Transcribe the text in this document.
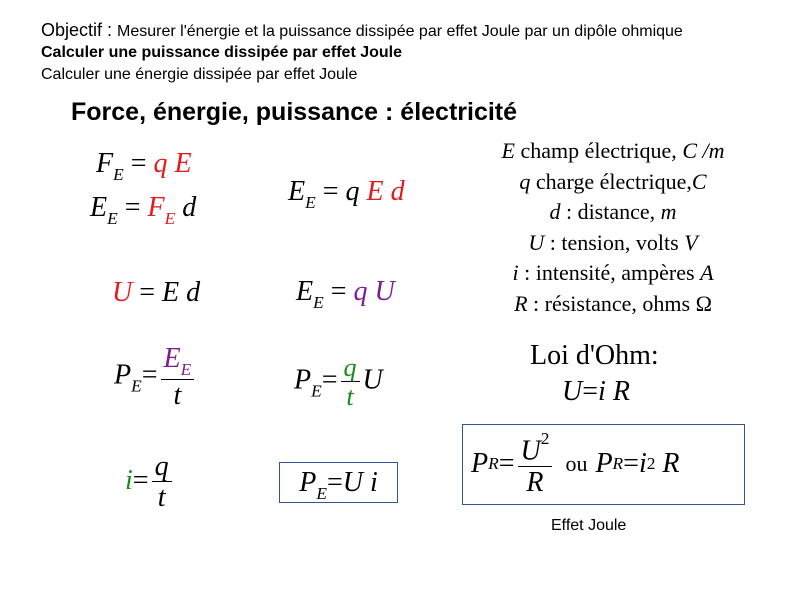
Objectif : Mesurer l'énergie et la puissance dissipée par effet Joule par un dipôle ohmique
Calculer une puissance dissipée par effet Joule
Calculer une énergie dissipée par effet Joule
Force, énergie, puissance : électricité
$F_E = q$ E
$E_E = F_E$ d
$E_E = q$ E d
U = E d	$E_E = q$ U
$P_E= \frac{E_E}{t}$	$P_E= \frac{q}{t}$ U
$i= \frac{q}{t}$	$P_E=U$ i
E champ électrique, C /m
q charge électrique,C
d : distance, m
U : tension, volts V
i : intensité, ampères A
R : résistance, ohms Ω
Loi d'Ohm:
U=i R
P $R = \frac{U^2}{R}$ ou P R = i 2
R
Effet Joule
